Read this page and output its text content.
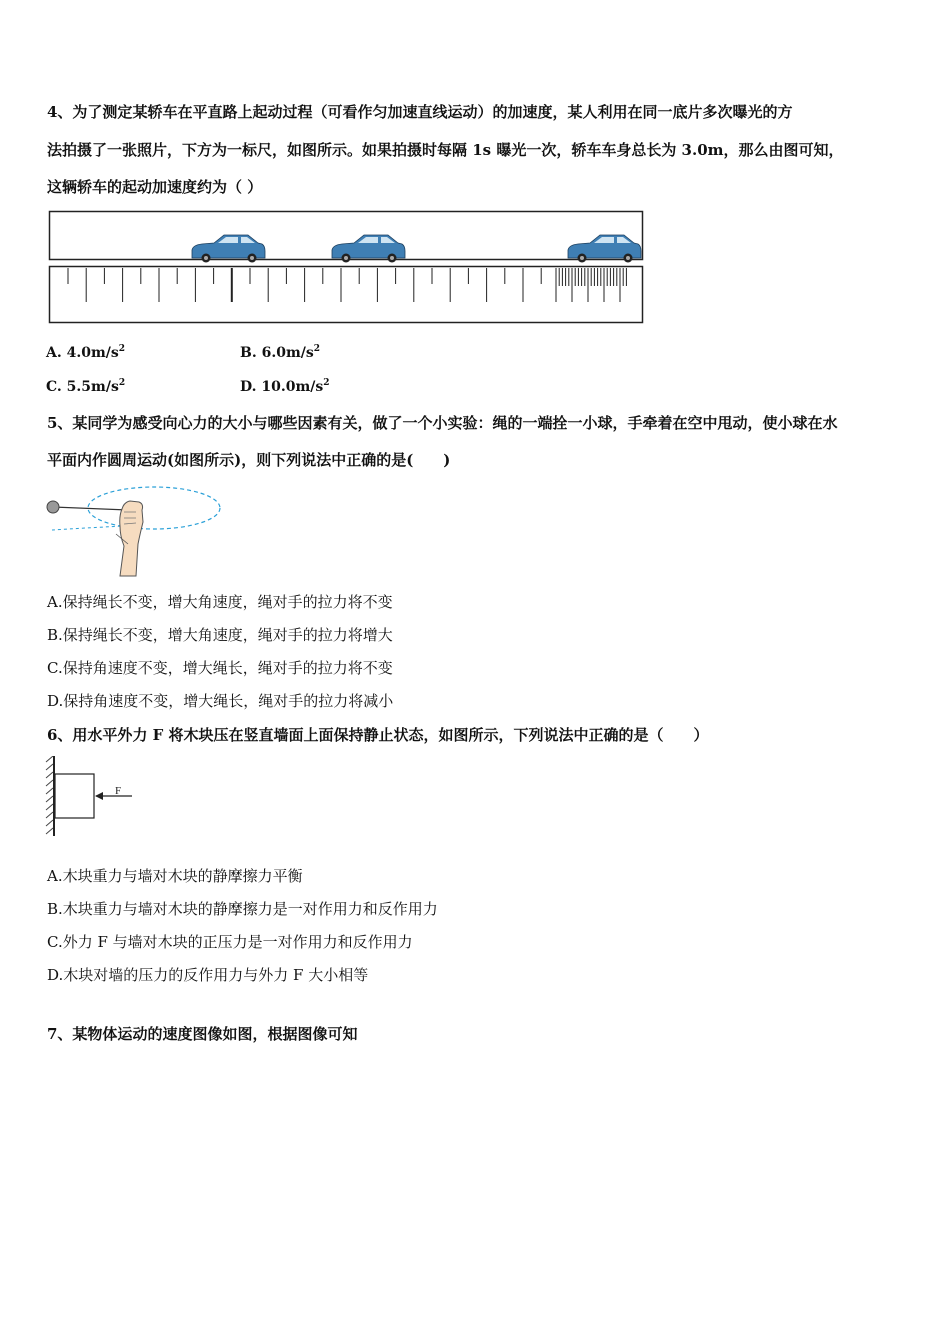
4、为了测定某轿车在平直路上起动过程（可看作匀加速直线运动）的加速度，某人利用在同一底片多次曝光的方
法拍摄了一张照片，下方为一标尺，如图所示。如果拍摄时每隔 1s 曝光一次，轿车车身总长为 3.0m，那么由图可知，
这辆轿车的起动加速度约为（ ）
A. $4.0m/s^2$	B. $6.0m/s^2$
C. $5.5m/s^2$	D. $10.0m/s^2$
5、某同学为感受向心力的大小与哪些因素有关，做了一个小实验：绳的一端拴一小球，手牵着在空中甩动，使小球在水
平面内作圆周运动(如图所示)，则下列说法中正确的是(　　)
A.保持绳长不变，增大角速度，绳对手的拉力将不变
B.保持绳长不变，增大角速度，绳对手的拉力将增大
C.保持角速度不变，增大绳长，绳对手的拉力将不变
D.保持角速度不变，增大绳长，绳对手的拉力将减小
6、用水平外力 F 将木块压在竖直墙面上面保持静止状态，如图所示，下列说法中正确的是（　　）
F
A.木块重力与墙对木块的静摩擦力平衡
B.木块重力与墙对木块的静摩擦力是一对作用力和反作用力
C.外力 F 与墙对木块的正压力是一对作用力和反作用力
D.木块对墙的压力的反作用力与外力 F 大小相等
7、某物体运动的速度图像如图，根据图像可知
